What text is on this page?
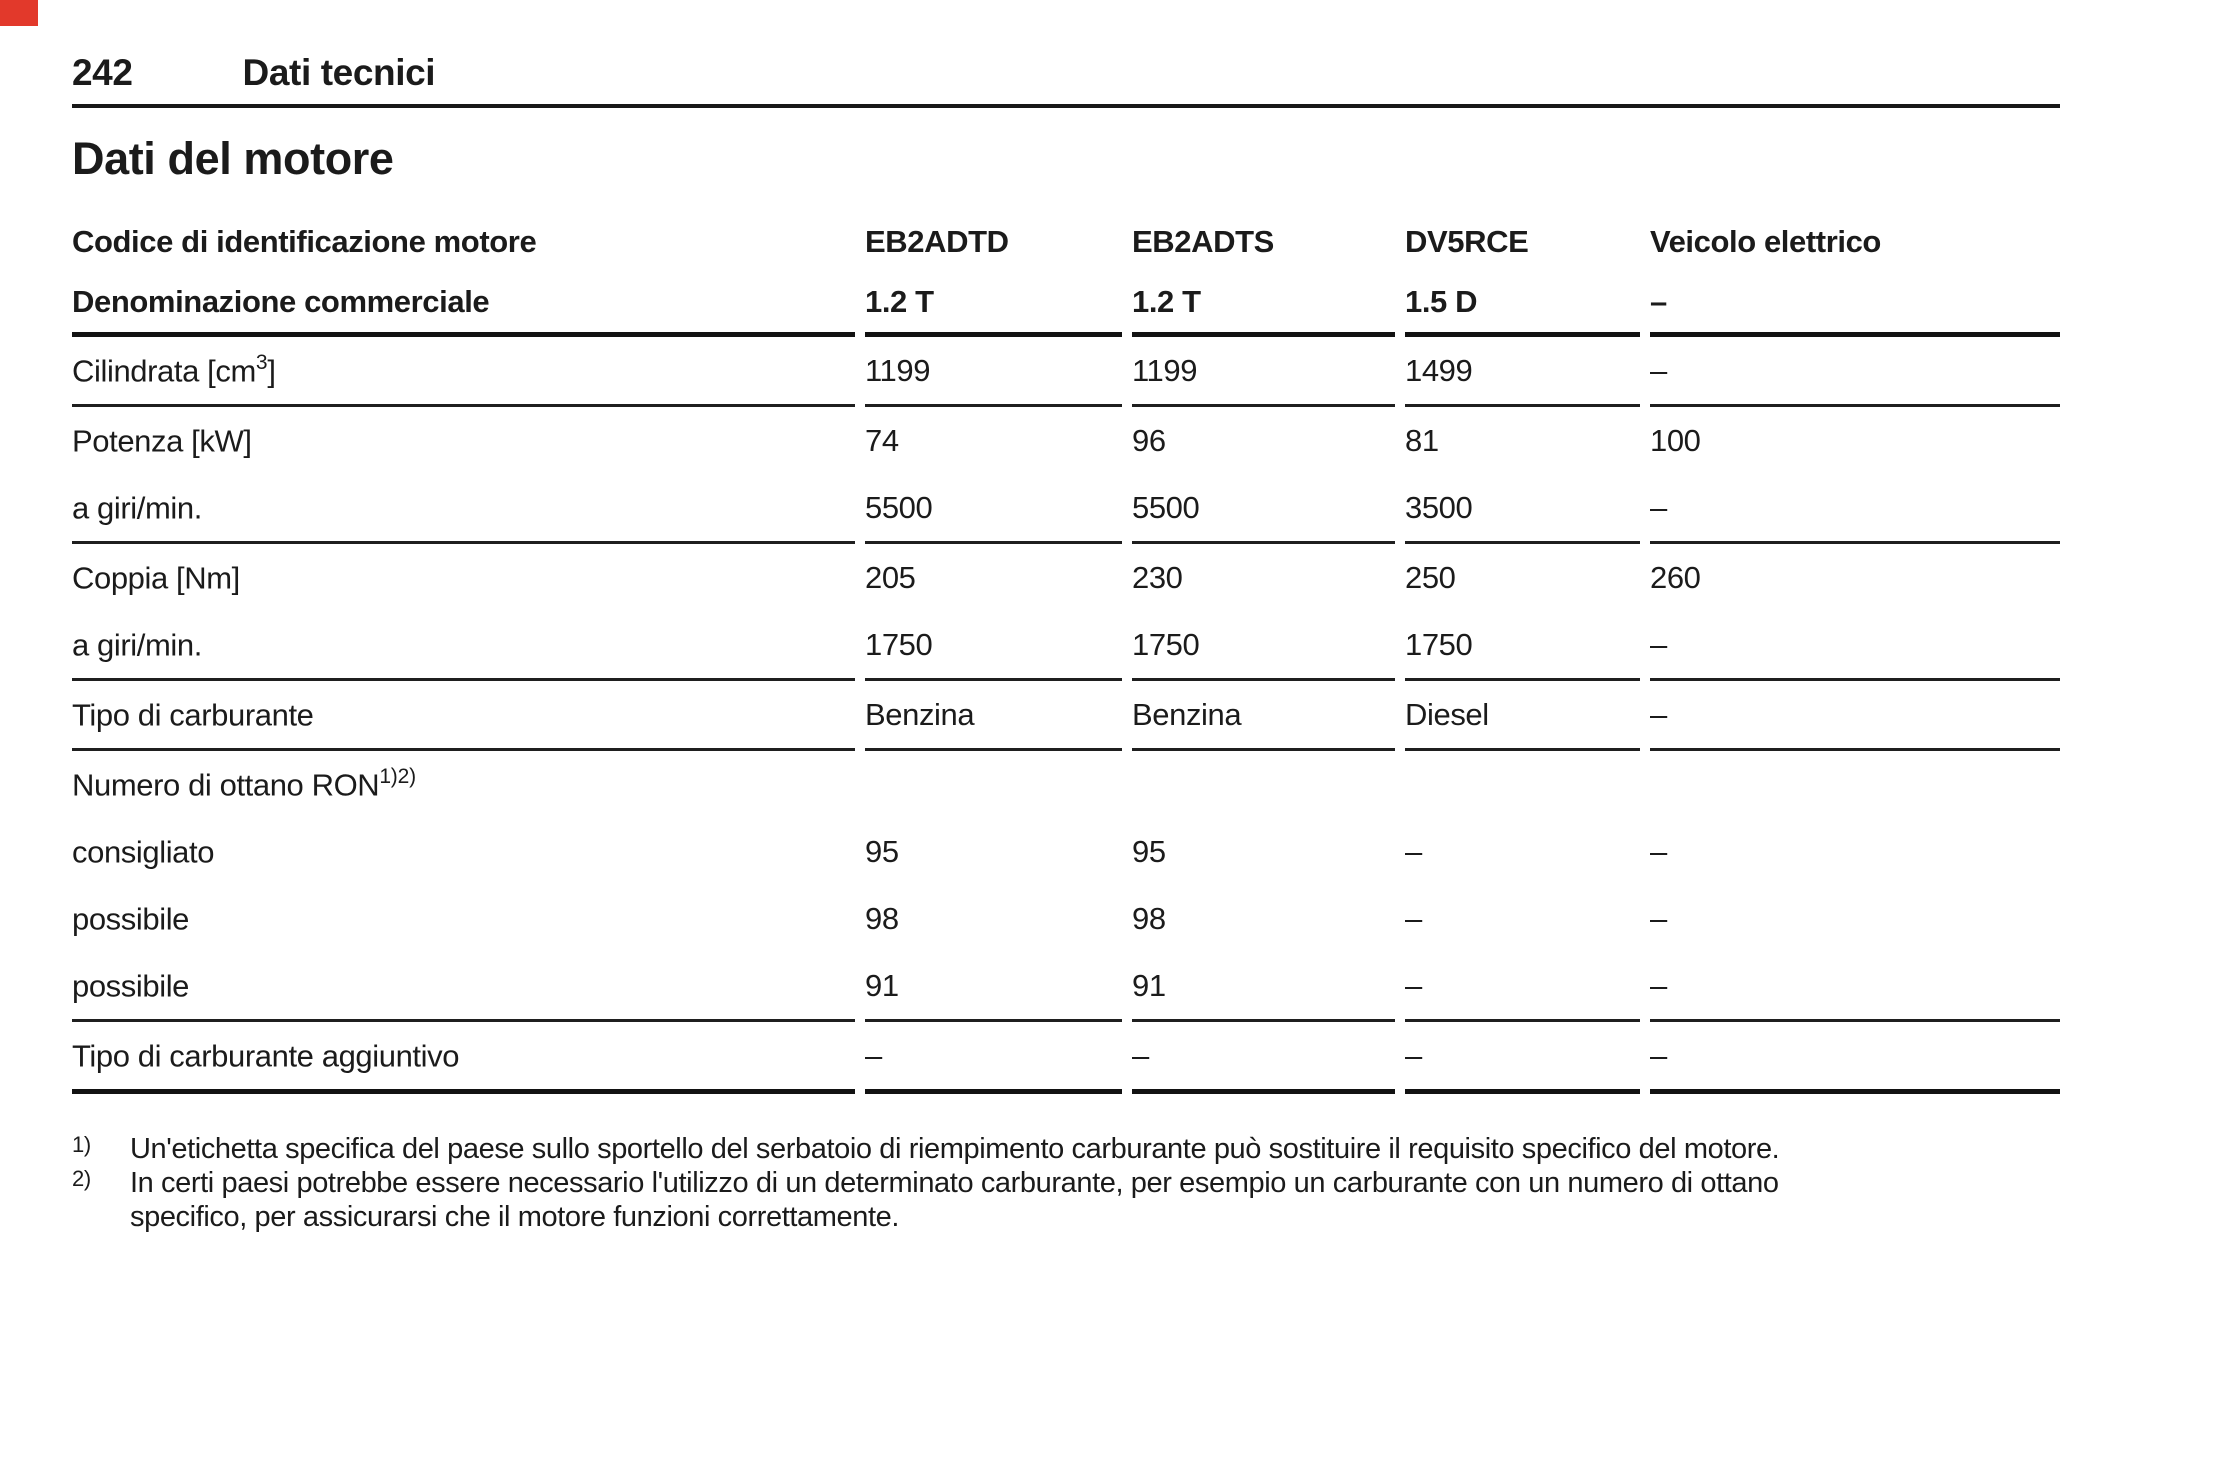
242	Dati tecnici
Dati del motore
Codice di identificazione motore	EB2ADTD	EB2ADTS	DV5RCE	Veicolo elettrico
Denominazione commerciale	1.2 T	1.2 T	1.5 D	–
Cilindrata $[cm^3]$	1199	1199	1499	–
Potenza [kW]	74	96	81	100
a giri/min.	5500	5500	3500	–
Coppia [Nm]	205	230	250	260
a giri/min.	1750	1750	1750	–
Tipo di carburante	Benzina	Benzina	Diesel	–
Numero di ottano $RON^{1)2)}$
consigliato	95	95	–	–
possibile	98	98	–	–
possibile	91	91	–	–
Tipo di carburante aggiuntivo	–	–	–	–
1)	Un'etichetta specifica del paese sullo sportello del serbatoio di riempimento carburante può sostituire il requisito specifico del motore.
2)	In certi paesi potrebbe essere necessario l'utilizzo di un determinato carburante, per esempio un carburante con un numero di ottano
specifico, per assicurarsi che il motore funzioni correttamente.
